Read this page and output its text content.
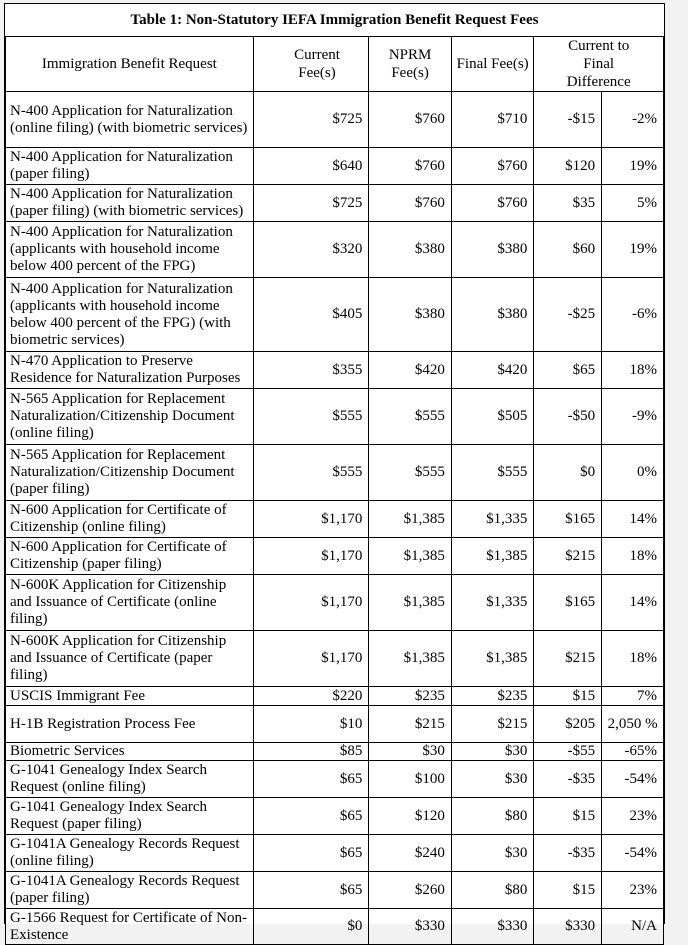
Table 1: Non-Statutory IEFA Immigration Benefit Request Fees
Immigration Benefit Request	Current Fee(s)	NPRM Fee(s)	Final Fee(s)	Current to Final Difference	
N-400 Application for Naturalization (online filing) (with biometric services)	$725	$760	$710	-$15	-2%
N-400 Application for Naturalization (paper filing)	$640	$760	$760	$120	19%
N-400 Application for Naturalization (paper filing) (with biometric services)	$725	$760	$760	$35	5%
N-400 Application for Naturalization (applicants with household income below 400 percent of the FPG)	$320	$380	$380	$60	19%
N-400 Application for Naturalization (applicants with household income below 400 percent of the FPG) (with biometric services)	$405	$380	$380	-$25	-6%
N-470 Application to Preserve Residence for Naturalization Purposes	$355	$420	$420	$65	18%
N-565 Application for Replacement Naturalization/Citizenship Document (online filing)	$555	$555	$505	-$50	-9%
N-565 Application for Replacement Naturalization/Citizenship Document (paper filing)	$555	$555	$555	$0	0%
N-600 Application for Certificate of Citizenship (online filing)	$1,170	$1,385	$1,335	$165	14%
N-600 Application for Certificate of Citizenship (paper filing)	$1,170	$1,385	$1,385	$215	18%
N-600K Application for Citizenship and Issuance of Certificate (online filing)	$1,170	$1,385	$1,335	$165	14%
N-600K Application for Citizenship and Issuance of Certificate (paper filing)	$1,170	$1,385	$1,385	$215	18%
USCIS Immigrant Fee	$220	$235	$235	$15	7%
H-1B Registration Process Fee	$10	$215	$215	$205	2,050 %
Biometric Services	$85	$30	$30	-$55	-65%
G-1041 Genealogy Index Search Request (online filing)	$65	$100	$30	-$35	-54%
G-1041 Genealogy Index Search Request (paper filing)	$65	$120	$80	$15	23%
G-1041A Genealogy Records Request (online filing)	$65	$240	$30	-$35	-54%
G-1041A Genealogy Records Request (paper filing)	$65	$260	$80	$15	23%
G-1566 Request for Certificate of Non-Existence	$0	$330	$330	$330	N/A
